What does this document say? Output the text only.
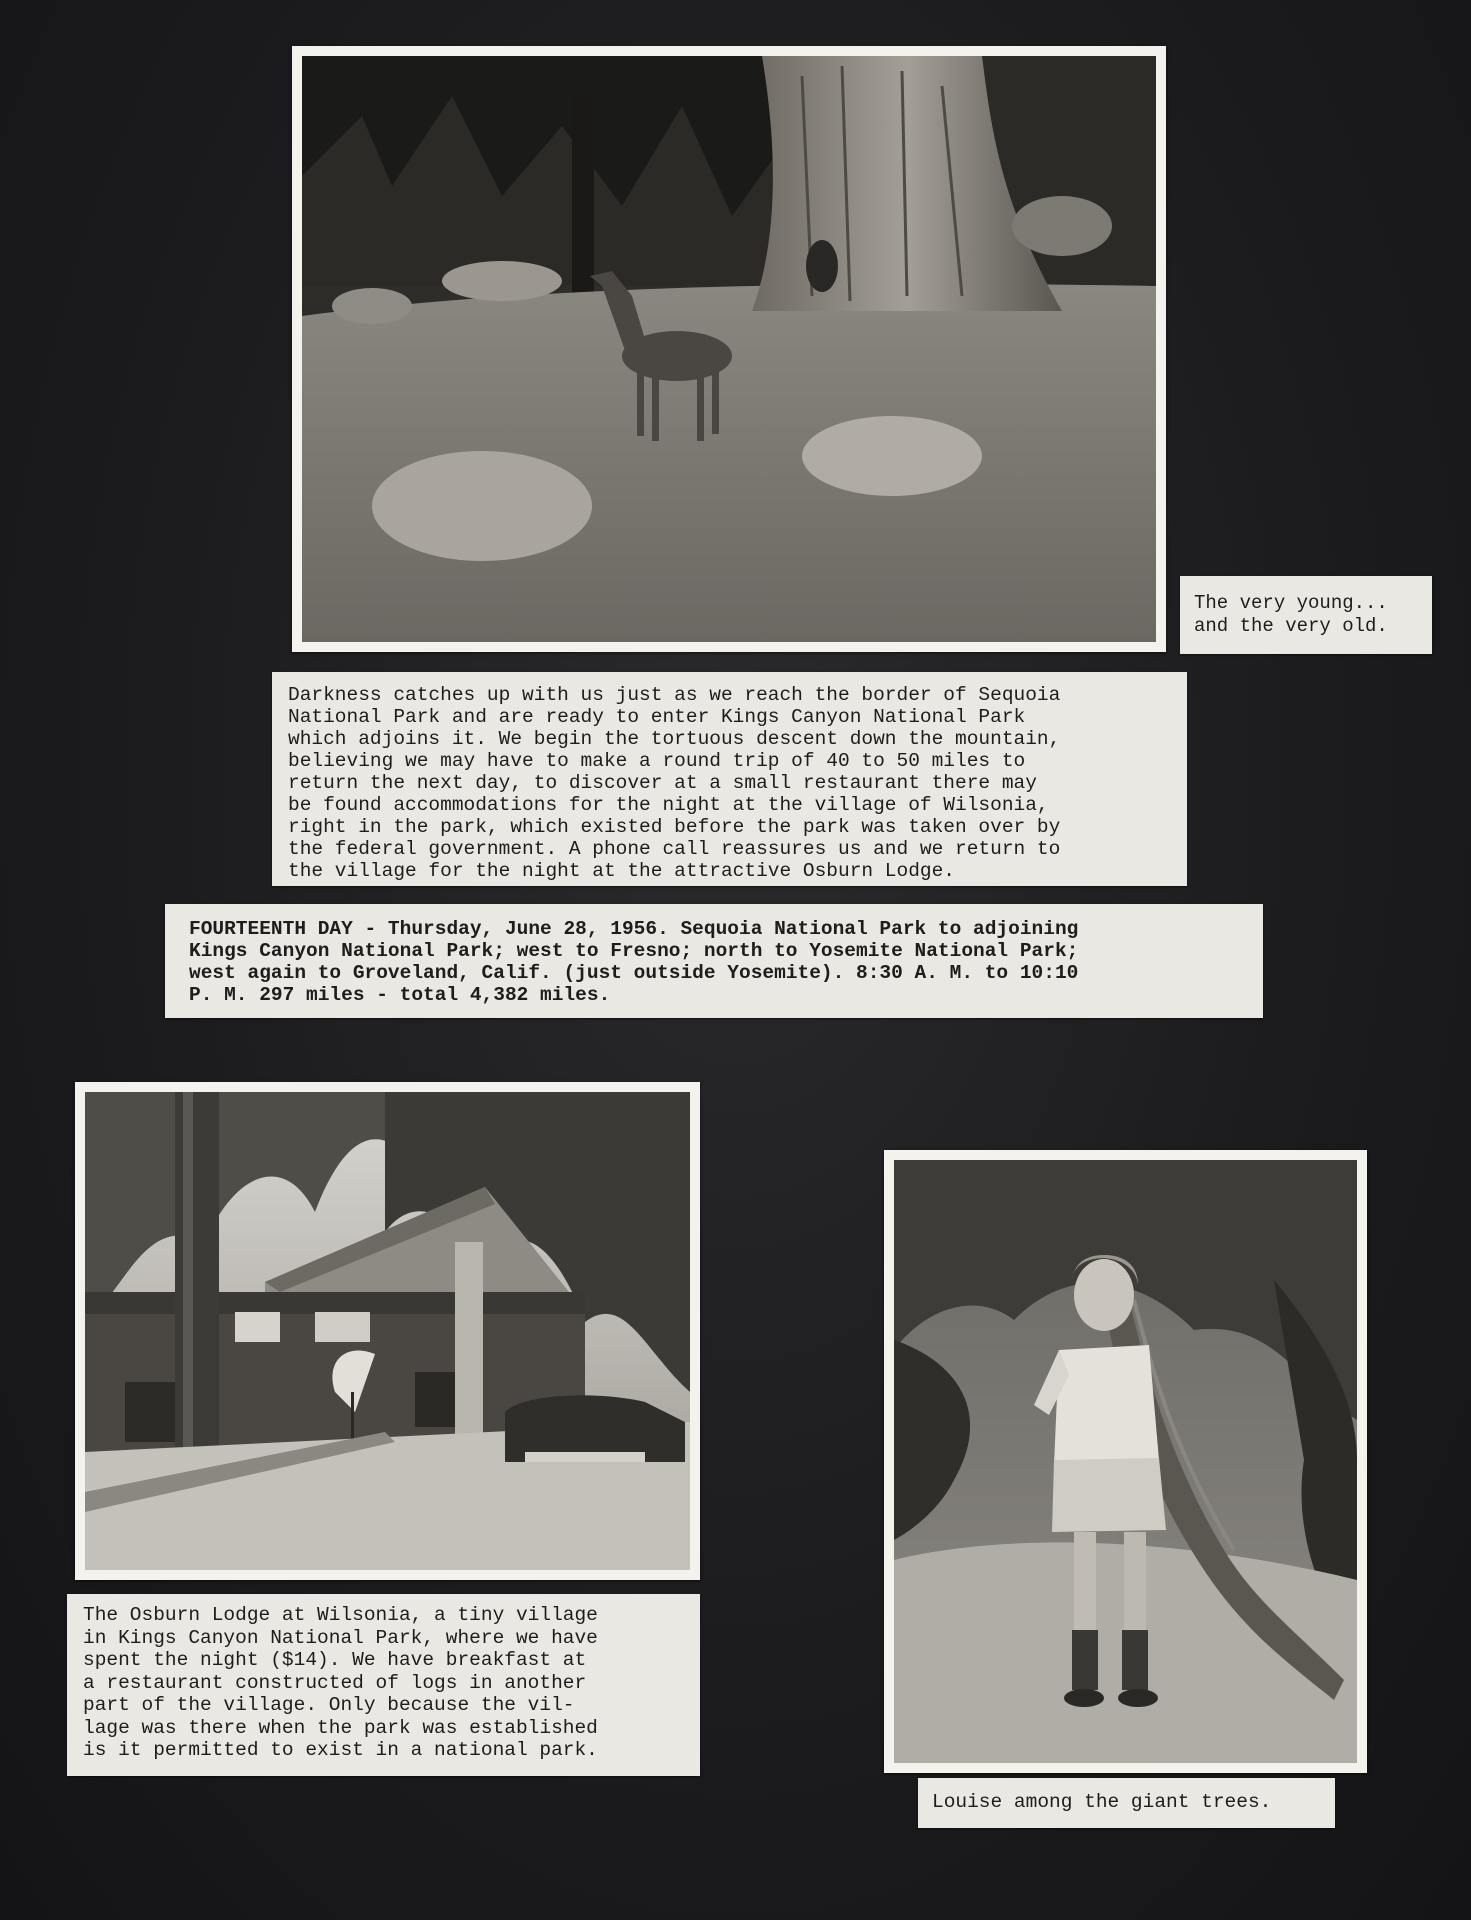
The very young...
and the very old.

Darkness catches up with us just as we reach the border of Sequoia
National Park and are ready to enter Kings Canyon National Park
which adjoins it. We begin the tortuous descent down the mountain,
believing we may have to make a round trip of 40 to 50 miles to
return the next day, to discover at a small restaurant there may
be found accommodations for the night at the village of Wilsonia,
right in the park, which existed before the park was taken over by
the federal government. A phone call reassures us and we return to
the village for the night at the attractive Osburn Lodge.

FOURTEENTH DAY - Thursday, June 28, 1956. Sequoia National Park to adjoining
Kings Canyon National Park; west to Fresno; north to Yosemite National Park;
west again to Groveland, Calif. (just outside Yosemite). 8:30 A. M. to 10:10
P. M. 297 miles - total 4,382 miles.

The Osburn Lodge at Wilsonia, a tiny village
in Kings Canyon National Park, where we have
spent the night ($14). We have breakfast at
a restaurant constructed of logs in another
part of the village. Only because the vil-
lage was there when the park was established
is it permitted to exist in a national park.

Louise among the giant trees.
